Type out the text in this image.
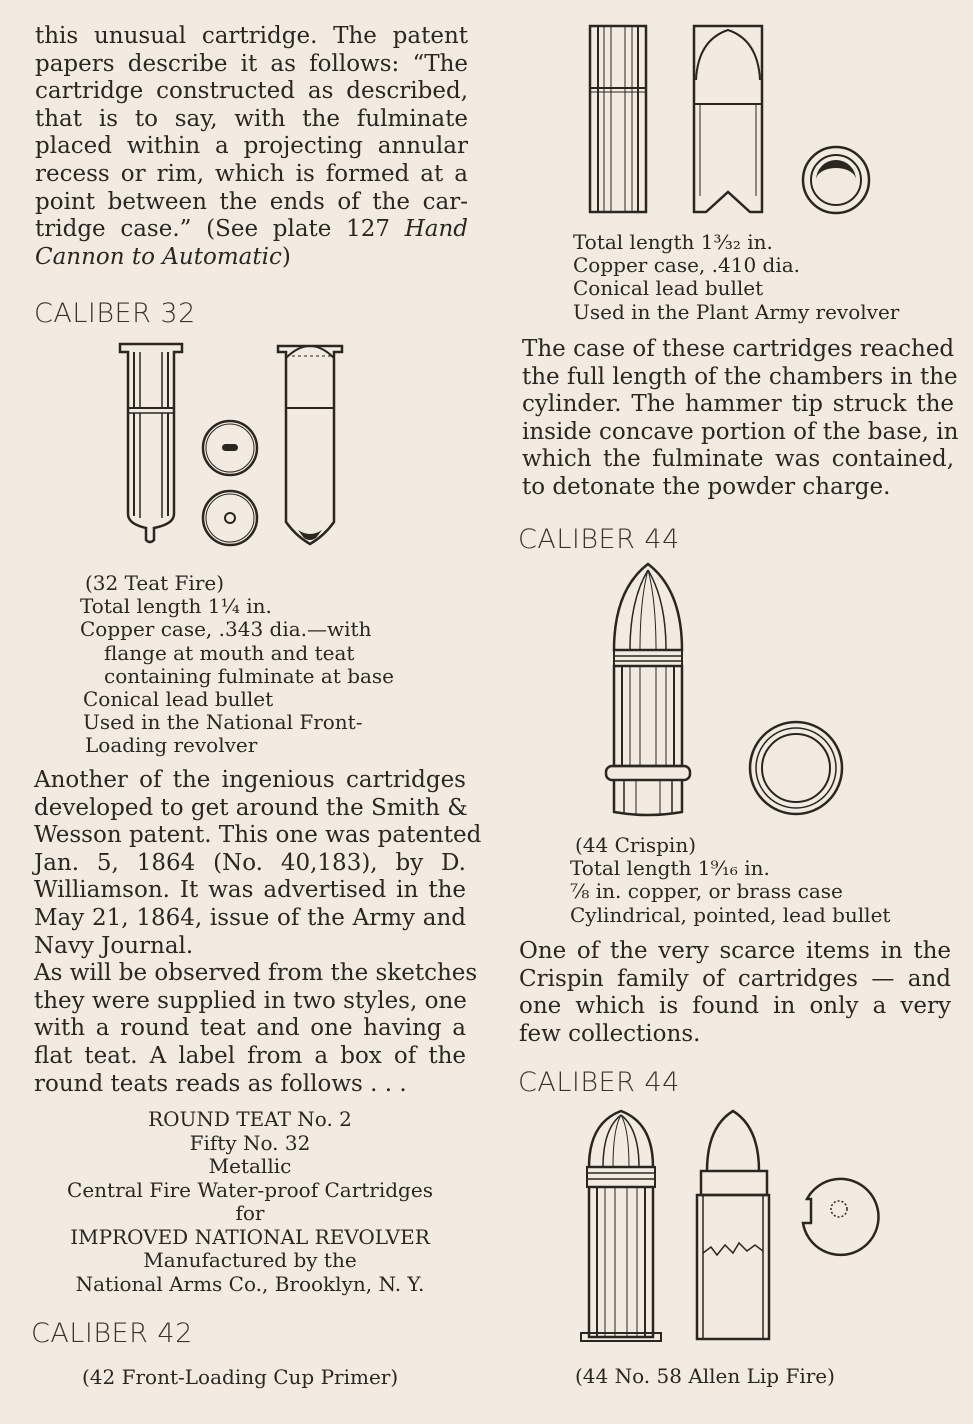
this unusual cartridge. The patent
papers describe it as follows: “The
cartridge constructed as described,
that is to say, with the fulminate
placed within a projecting annular
recess or rim, which is formed at a
point between the ends of the car-
tridge case.” (See plate 127 Hand
Cannon to Automatic)
CALIBER 32
(32 Teat Fire)
Total length 1¼ in.
Copper case, .343 dia.—with
flange at mouth and teat
containing fulminate at base
Conical lead bullet
Used in the National Front-
Loading revolver
Another of the ingenious cartridges
developed to get around the Smith &
Wesson patent. This one was patented
Jan. 5, 1864 (No. 40,183), by D.
Williamson. It was advertised in the
May 21, 1864, issue of the Army and
Navy Journal.
As will be observed from the sketches
they were supplied in two styles, one
with a round teat and one having a
flat teat. A label from a box of the
round teats reads as follows . . .
ROUND TEAT No. 2
Fifty No. 32
Metallic
Central Fire Water-proof Cartridges
for
IMPROVED NATIONAL REVOLVER
Manufactured by the
National Arms Co., Brooklyn, N. Y.
CALIBER 42
(42 Front-Loading Cup Primer)
Total length 1³⁄₃₂ in.
Copper case, .410 dia.
Conical lead bullet
Used in the Plant Army revolver
The case of these cartridges reached
the full length of the chambers in the
cylinder. The hammer tip struck the
inside concave portion of the base, in
which the fulminate was contained,
to detonate the powder charge.
CALIBER 44
(44 Crispin)
Total length 1⁹⁄₁₆ in.
⅞ in. copper, or brass case
Cylindrical, pointed, lead bullet
One of the very scarce items in the
Crispin family of cartridges — and
one which is found in only a very
few collections.
CALIBER 44
(44 No. 58 Allen Lip Fire)
